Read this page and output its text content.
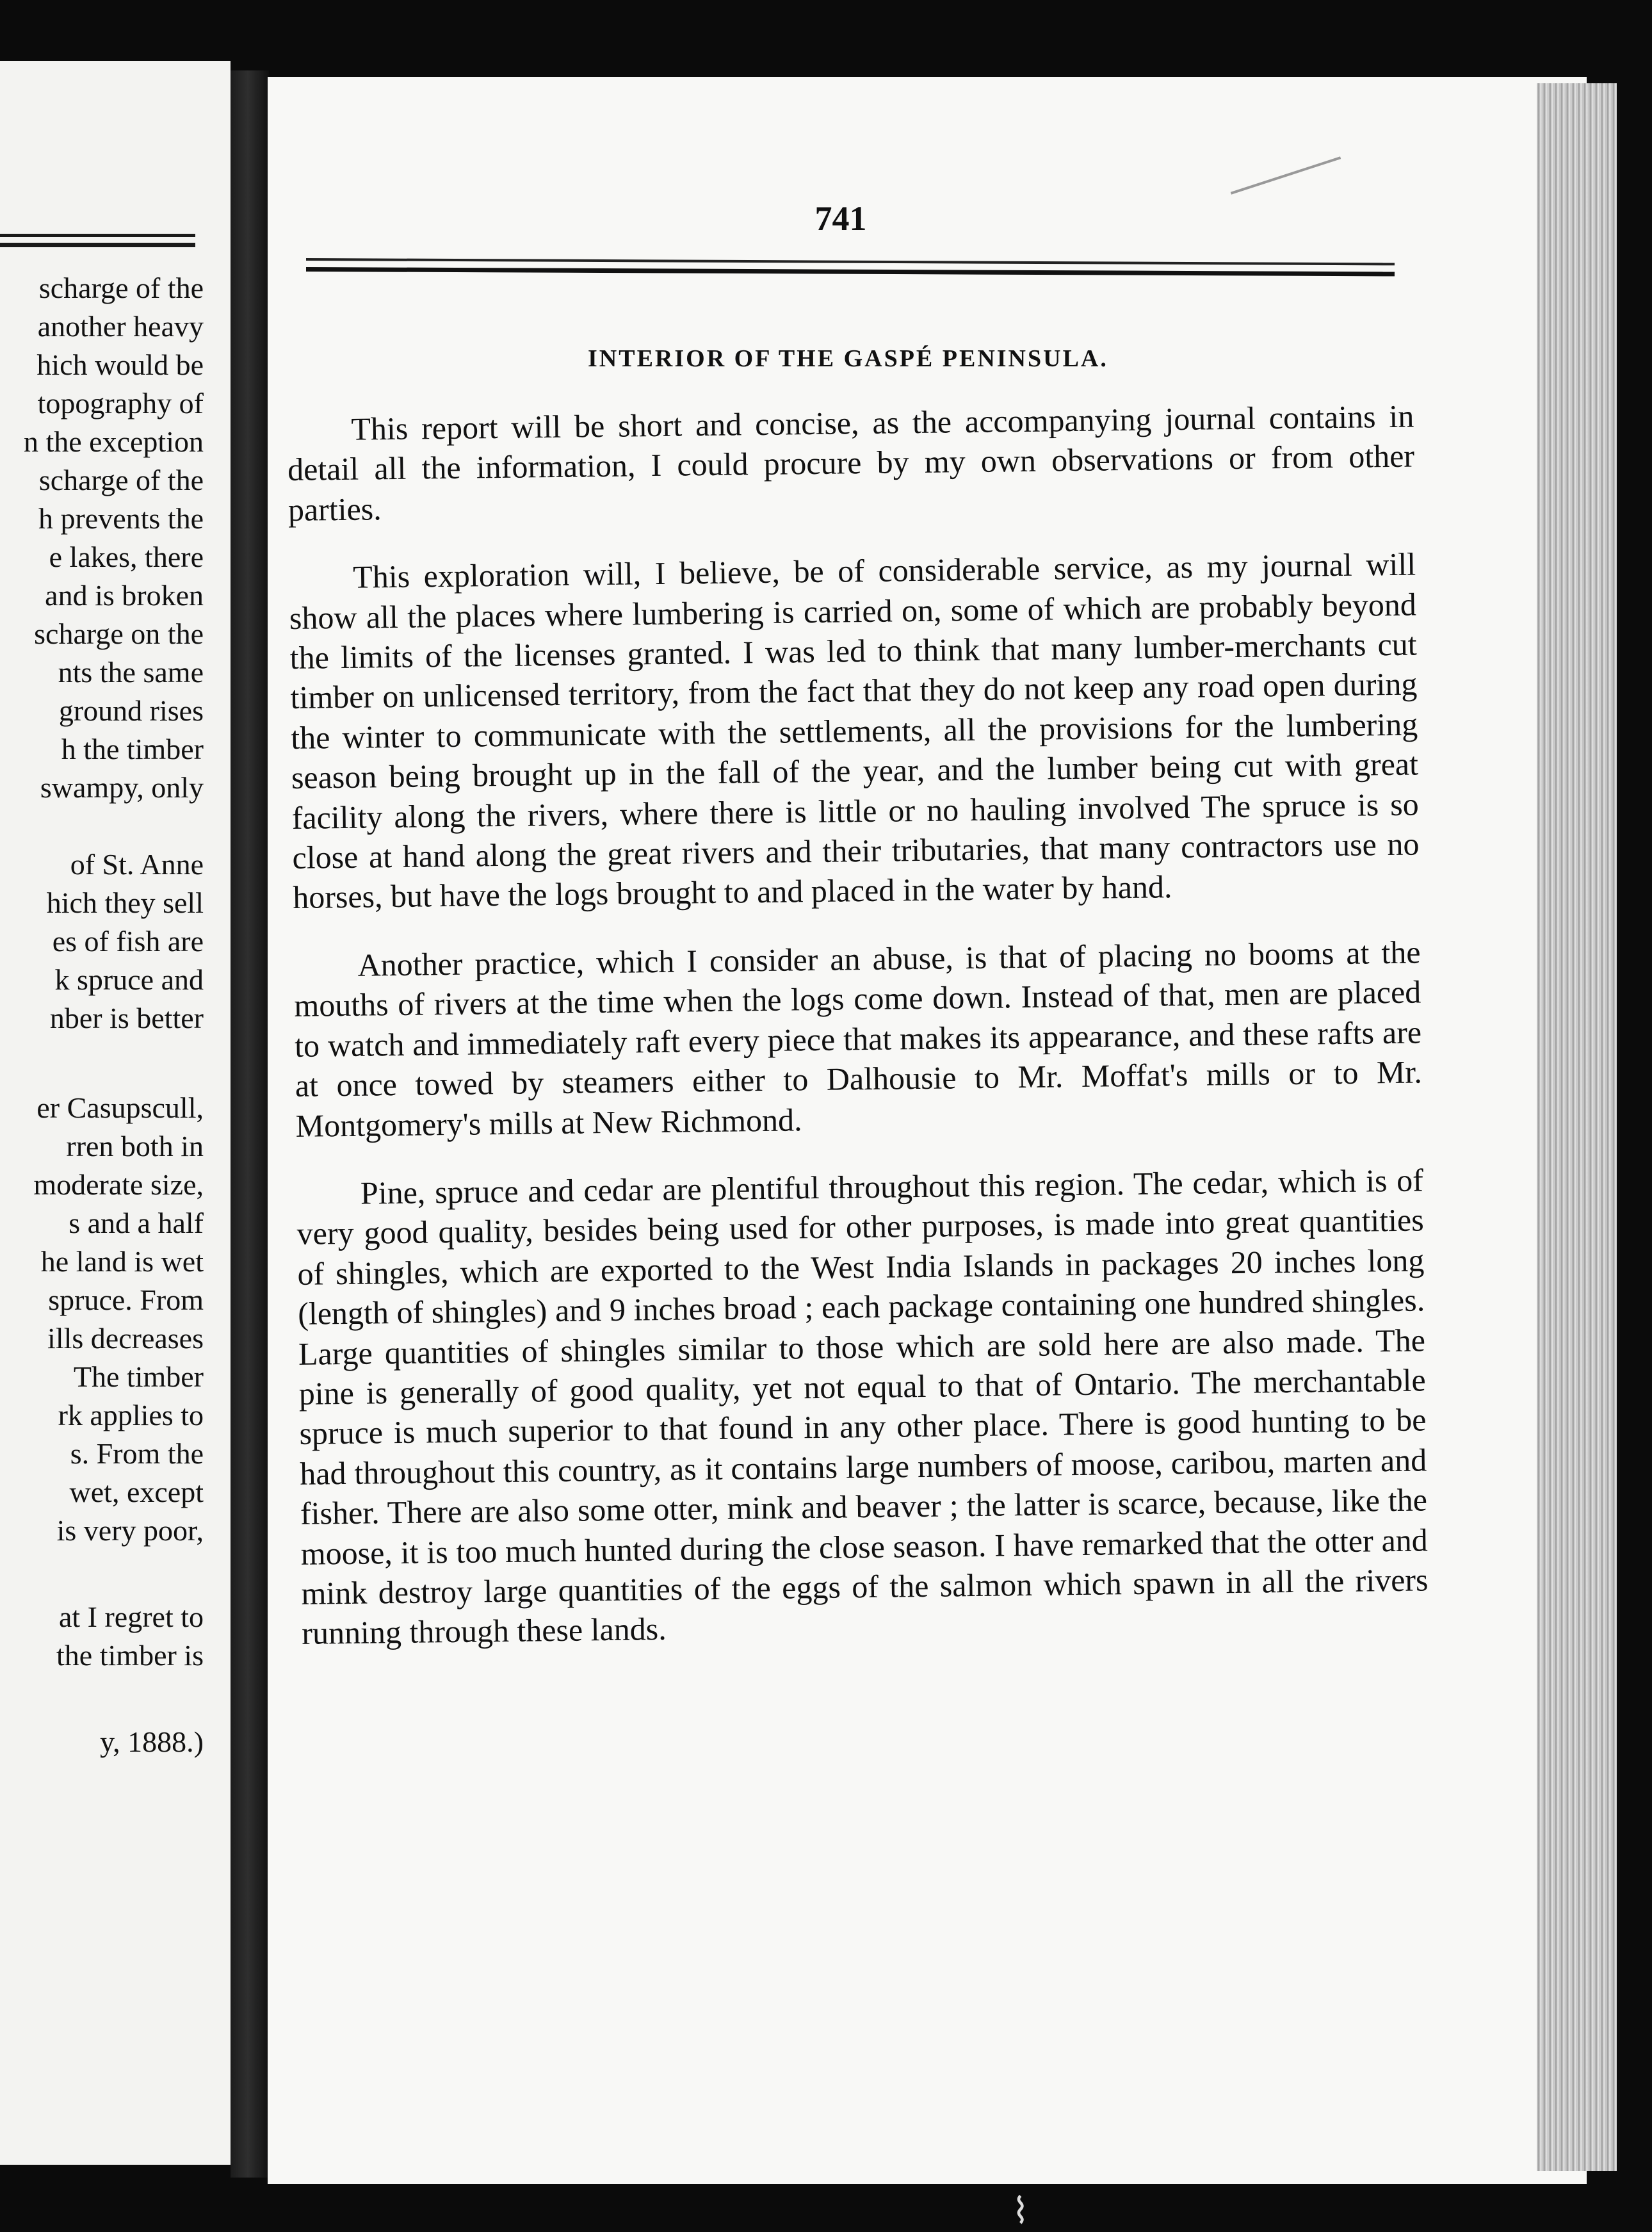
scharge of the
another heavy
hich would be
topography of
n the exception
scharge of the
h prevents the
e lakes, there
and is broken
scharge on the
nts the same
ground rises
h the timber
swampy, only
of St. Anne
hich they sell
es of fish are
k spruce and
nber is better
er Casupscull,
rren both in
moderate size,
s and a half
he land is wet
spruce. From
ills decreases
The timber
rk applies to
s. From the
wet, except
is very poor,
at I regret to
the timber is
y, 1888.)
741
INTERIOR OF THE GASPÉ PENINSULA.

This report will be short and concise, as the accompanying journal contains in detail all the information, I could procure by my own observations or from other parties.

This exploration will, I believe, be of considerable service, as my journal will show all the places where lumbering is carried on, some of which are probably beyond the limits of the licenses granted. I was led to think that many lumber-merchants cut timber on unlicensed territory, from the fact that they do not keep any road open during the winter to communicate with the settlements, all the provisions for the lumbering season being brought up in the fall of the year, and the lumber being cut with great facility along the rivers, where there is little or no hauling involved The spruce is so close at hand along the great rivers and their tributaries, that many contractors use no horses, but have the logs brought to and placed in the water by hand.

Another practice, which I consider an abuse, is that of placing no booms at the mouths of rivers at the time when the logs come down. Instead of that, men are placed to watch and immediately raft every piece that makes its appearance, and these rafts are at once towed by steamers either to Dalhousie to Mr. Moffat's mills or to Mr. Montgomery's mills at New Richmond.

Pine, spruce and cedar are plentiful throughout this region. The cedar, which is of very good quality, besides being used for other purposes, is made into great quantities of shingles, which are exported to the West India Islands in packages 20 inches long (length of shingles) and 9 inches broad ; each package containing one hundred shingles. Large quantities of shingles similar to those which are sold here are also made. The pine is generally of good quality, yet not equal to that of Ontario. The merchantable spruce is much superior to that found in any other place. There is good hunting to be had throughout this country, as it contains large numbers of moose, caribou, marten and fisher. There are also some otter, mink and beaver ; the latter is scarce, because, like the moose, it is too much hunted during the close season. I have remarked that the otter and mink destroy large quantities of the eggs of the salmon which spawn in all the rivers running through these lands.

⌇
